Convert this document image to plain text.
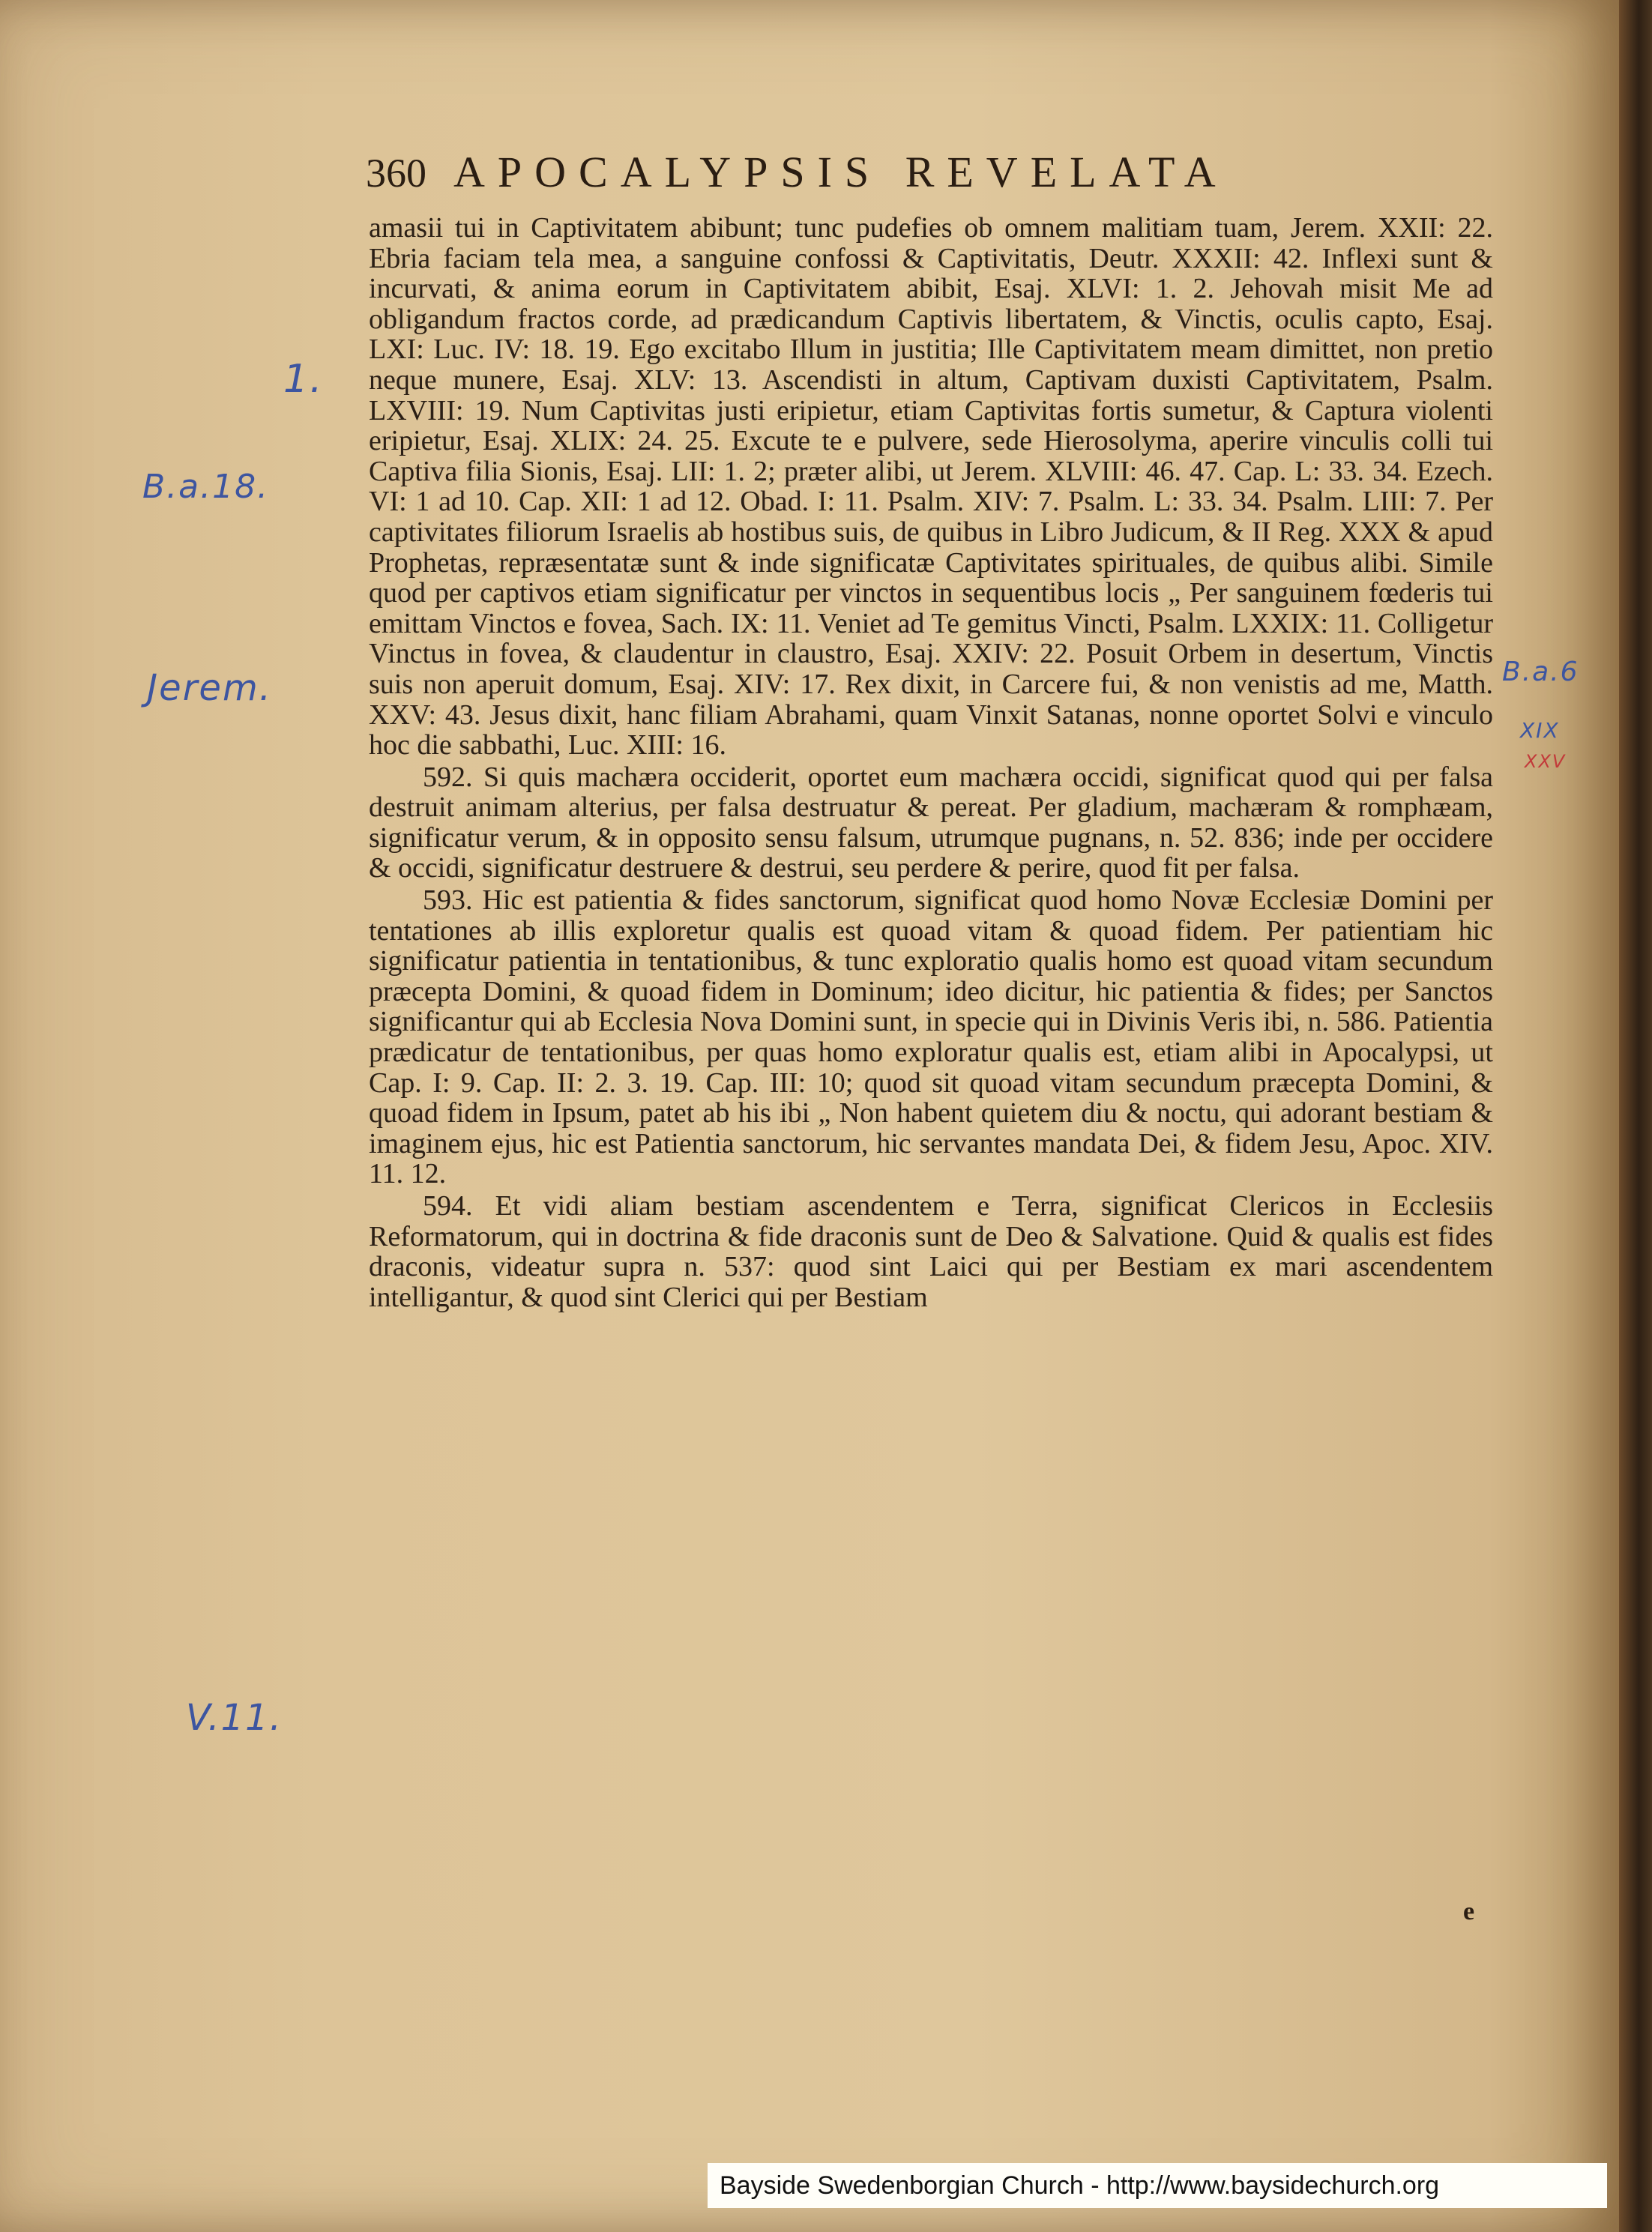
360 APOCALYPSIS REVELATA

amasii tui in Captivitatem abibunt; tunc pudefies ob omnem malitiam tuam, Jerem. XXII: 22. Ebria faciam tela mea, a sanguine confossi & Captivitatis, Deutr. XXXII: 42. Inflexi sunt & incurvati, & anima eorum in Captivitatem abibit, Esaj. XLVI: 1. 2. Jehovah misit Me ad obligandum fractos corde, ad prædicandum Captivis libertatem, & Vinctis, oculis capto, Esaj. LXI: Luc. IV: 18. 19. Ego excitabo Illum in justitia; Ille Captivitatem meam dimittet, non pretio neque munere, Esaj. XLV: 13. Ascendisti in altum, Captivam duxisti Captivitatem, Psalm. LXVIII: 19. Num Captivitas justi eripietur, etiam Captivitas fortis sumetur, & Captura violenti eripietur, Esaj. XLIX: 24. 25. Excute te e pulvere, sede Hierosolyma, aperire vinculis colli tui Captiva filia Sionis, Esaj. LII: 1. 2; præter alibi, ut Jerem. XLVIII: 46. 47. Cap. L: 33. 34. Ezech. VI: 1 ad 10. Cap. XII: 1 ad 12. Obad. I: 11. Psalm. XIV: 7. Psalm. L: 33. 34. Psalm. LIII: 7. Per captivitates filiorum Israelis ab hostibus suis, de quibus in Libro Judicum, & II Reg. XXX & apud Prophetas, repræsentatæ sunt & inde significatæ Captivitates spirituales, de quibus alibi. Simile quod per captivos etiam significatur per vinctos in sequentibus locis „ Per sanguinem fœderis tui emittam Vinctos e fovea, Sach. IX: 11. Veniet ad Te gemitus Vincti, Psalm. LXXIX: 11. Colligetur Vinctus in fovea, & claudentur in claustro, Esaj. XXIV: 22. Posuit Orbem in desertum, Vinctis suis non aperuit domum, Esaj. XIV: 17. Rex dixit, in Carcere fui, & non venistis ad me, Matth. XXV: 43. Jesus dixit, hanc filiam Abrahami, quam Vinxit Satanas, nonne oportet Solvi e vinculo hoc die sabbathi, Luc. XIII: 16.

592. Si quis machæra occiderit, oportet eum machæra occidi, significat quod qui per falsa destruit animam alterius, per falsa destruatur & pereat. Per gladium, machæram & romphæam, significatur verum, & in opposito sensu falsum, utrumque pugnans, n. 52. 836; inde per occidere & occidi, significatur destruere & destrui, seu perdere & perire, quod fit per falsa.

593. Hic est patientia & fides sanctorum, significat quod homo Novæ Ecclesiæ Domini per tentationes ab illis exploretur qualis est quoad vitam & quoad fidem. Per patientiam hic significatur patientia in tentationibus, & tunc exploratio qualis homo est quoad vitam secundum præcepta Domini, & quoad fidem in Dominum; ideo dicitur, hic patientia & fides; per Sanctos significantur qui ab Ecclesia Nova Domini sunt, in specie qui in Divinis Veris ibi, n. 586. Patientia prædicatur de tentationibus, per quas homo exploratur qualis est, etiam alibi in Apocalypsi, ut Cap. I: 9. Cap. II: 2. 3. 19. Cap. III: 10; quod sit quoad vitam secundum præcepta Domini, & quoad fidem in Ipsum, patet ab his ibi „ Non habent quietem diu & noctu, qui adorant bestiam & imaginem ejus, hic est Patientia sanctorum, hic servantes mandata Dei, & fidem Jesu, Apoc. XIV. 11. 12.

594. Et vidi aliam bestiam ascendentem e Terra, significat Clericos in Ecclesiis Reformatorum, qui in doctrina & fide draconis sunt de Deo & Salvatione. Quid & qualis est fides draconis, videatur supra n. 537: quod sint Laici qui per Bestiam ex mari ascendentem intelligantur, & quod sint Clerici qui per Bestiam

1.
B.a.18.
Jerem.	B.a.6
XIX
XXV
V.11.
e
Bayside Swedenborgian Church - http://www.baysidechurch.org
